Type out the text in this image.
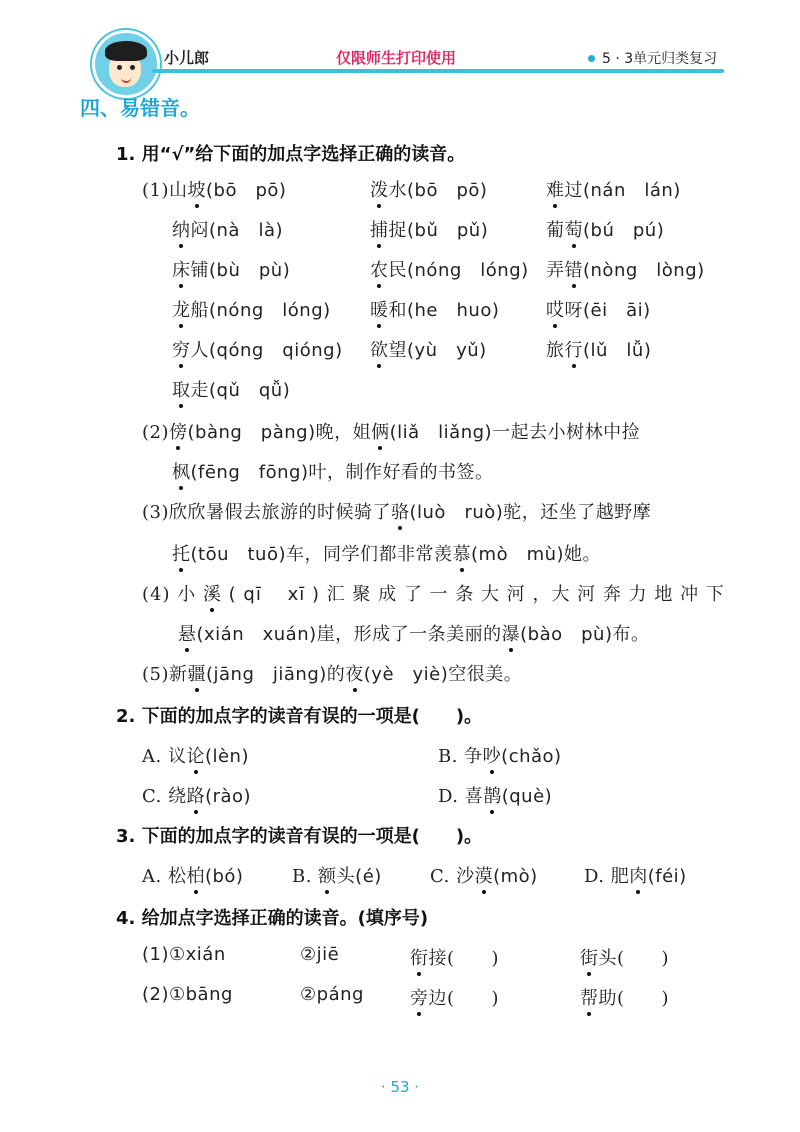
小儿郎	仅限师生打印使用	5 · 3单元归类复习
四、易错音。
1. 用“√”给下面的加点字选择正确的读音。
(1)山坡(bō　pō)	泼水(bō　pō)	难过(nán　lán)
纳闷(nà　là)	捕捉(bǔ　pǔ)	葡萄(bú　pú)
床铺(bù　pù)	农民(nóng　lóng) 弄错(nòng　lòng)
龙船(nóng　lóng) 暖和(he　huo)	哎呀(ēi　āi)
穷人(qóng　qióng) 欲望(yù　yǔ)	旅行(lǔ　lǚ)
取走(qǔ　qǚ)
(2)傍(bàng　pàng)晚，姐俩(liǎ　liǎng)一起去小树林中捡
枫(fēng　fōng)叶，制作好看的书签。
(3)欣欣暑假去旅游的时候骑了骆(luò　ruò)驼，还坐了越野摩
托(tōu　tuō)车，同学们都非常羡慕(mò　mù)她。
(4) 小 溪 ( qī　 xī ) 汇 聚 成 了 一 条 大 河 ，大 河 奔 力 地 冲 下
悬(xián　xuán)崖，形成了一条美丽的瀑(bào　pù)布。
(5)新疆(jāng　jiāng)的夜(yè　yiè)空很美。
2. 下面的加点字的读音有误的一项是(　　)。
A. 议论(lèn)	B. 争吵(chǎo)
C. 绕路(rào)	D. 喜鹊(què)
3. 下面的加点字的读音有误的一项是(　　)。
A. 松柏(bó)	B. 额头(é)	C. 沙漠(mò)	D. 肥肉(féi)
4. 给加点字选择正确的读音。(填序号)
(1)①xián	②jiē	衔接(　　)	街头(　　)
(2)①bāng	②páng	旁边(　　)	帮助(　　)
· 53 ·
